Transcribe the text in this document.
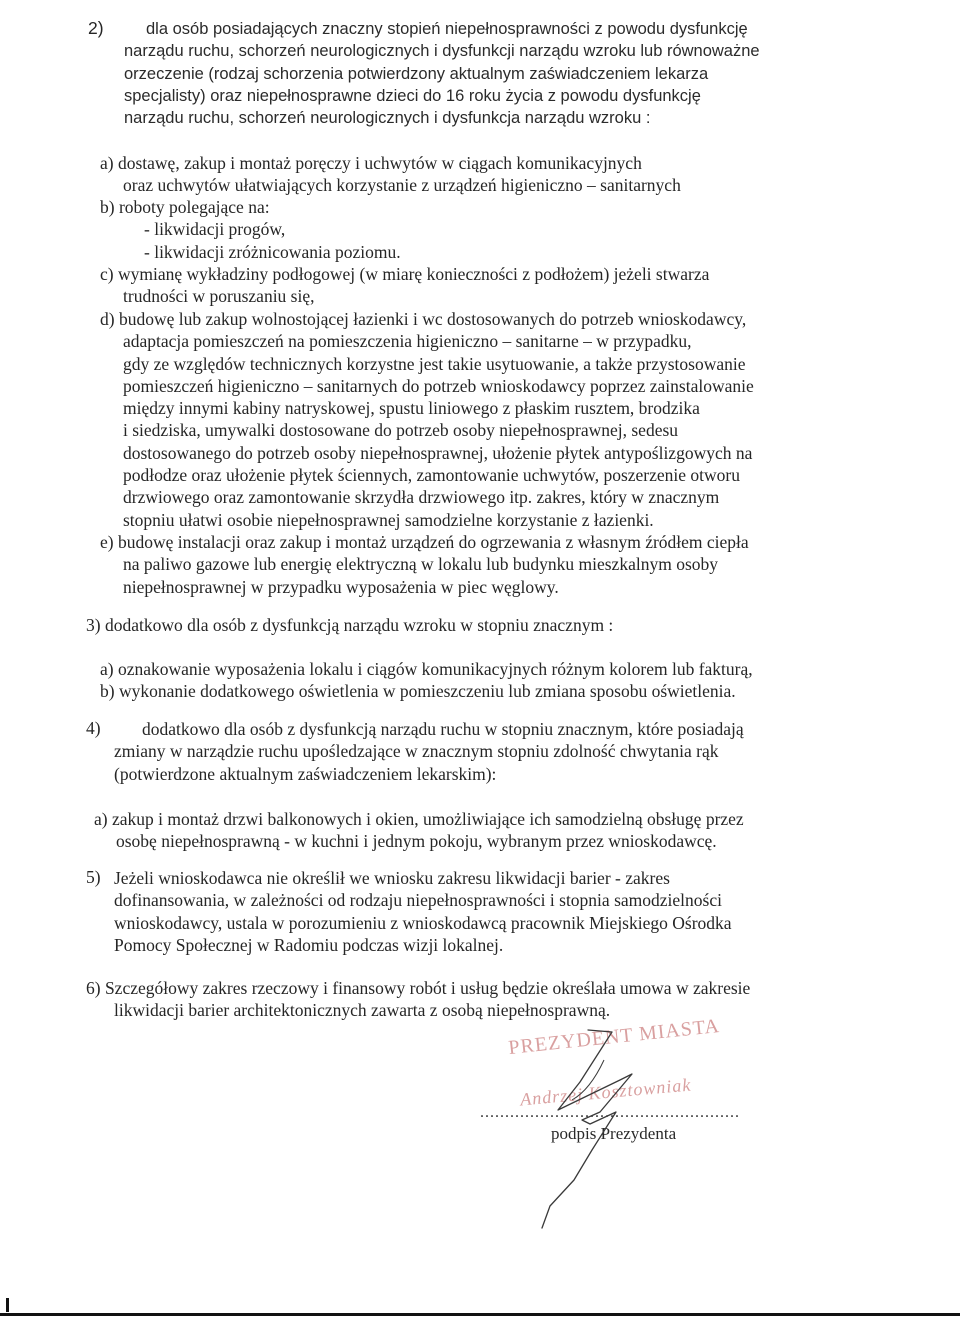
2)	dla osób posiadających znaczny stopień niepełnosprawności z powodu dysfunkcję
narządu ruchu, schorzeń neurologicznych i dysfunkcji narządu wzroku lub równoważne
orzeczenie (rodzaj schorzenia potwierdzony aktualnym zaświadczeniem lekarza
specjalisty) oraz niepełnosprawne dzieci do 16 roku życia z powodu dysfunkcję
narządu ruchu, schorzeń neurologicznych i dysfunkcja narządu wzroku :
a) dostawę, zakup i montaż poręczy i uchwytów w ciągach komunikacyjnych
oraz uchwytów ułatwiających korzystanie z urządzeń higieniczno – sanitarnych
b) roboty polegające na:
- likwidacji progów,
- likwidacji zróżnicowania poziomu.
c) wymianę wykładziny podłogowej (w miarę konieczności z podłożem) jeżeli stwarza
trudności w poruszaniu się,
d) budowę lub zakup wolnostojącej łazienki i wc dostosowanych do potrzeb wnioskodawcy,
adaptacja pomieszczeń na pomieszczenia higieniczno – sanitarne – w przypadku,
gdy ze względów technicznych korzystne jest takie usytuowanie, a także przystosowanie
pomieszczeń higieniczno – sanitarnych do potrzeb wnioskodawcy poprzez zainstalowanie
między innymi kabiny natryskowej, spustu liniowego z płaskim rusztem, brodzika
i siedziska, umywalki dostosowane do potrzeb osoby niepełnosprawnej, sedesu
dostosowanego do potrzeb osoby niepełnosprawnej, ułożenie płytek antypoślizgowych na
podłodze oraz ułożenie płytek ściennych, zamontowanie uchwytów, poszerzenie otworu
drzwiowego oraz zamontowanie skrzydła drzwiowego itp. zakres, który w znacznym
stopniu ułatwi osobie niepełnosprawnej samodzielne korzystanie z łazienki.
e) budowę instalacji oraz zakup i montaż urządzeń do ogrzewania z własnym źródłem ciepła
na paliwo gazowe lub energię elektryczną w lokalu lub budynku mieszkalnym osoby
niepełnosprawnej w przypadku wyposażenia w piec węglowy.
3) dodatkowo dla osób z dysfunkcją narządu wzroku w stopniu znacznym :
a) oznakowanie wyposażenia lokalu i ciągów komunikacyjnych różnym kolorem lub fakturą,
b) wykonanie dodatkowego oświetlenia w pomieszczeniu lub zmiana sposobu oświetlenia.
4)	dodatkowo dla osób z dysfunkcją narządu ruchu w stopniu znacznym, które posiadają
zmiany w narządzie ruchu upośledzające w znacznym stopniu zdolność chwytania rąk
(potwierdzone aktualnym zaświadczeniem lekarskim):
a) zakup i montaż drzwi balkonowych i okien, umożliwiające ich samodzielną obsługę przez
osobę niepełnosprawną - w kuchni i jednym pokoju, wybranym przez wnioskodawcę.
5) Jeżeli wnioskodawca nie określił we wniosku zakresu likwidacji barier - zakres
dofinansowania, w zależności od rodzaju niepełnosprawności i stopnia samodzielności
wnioskodawcy, ustala w porozumieniu z wnioskodawcą pracownik Miejskiego Ośrodka
Pomocy Społecznej w Radomiu podczas wizji lokalnej.
6) Szczegółowy zakres rzeczowy i finansowy robót i usług będzie określała umowa w zakresie
likwidacji barier architektonicznych zawarta z osobą niepełnosprawną.
PREZYDENT MIASTA
Andrzej Kosztowniak
....................................................
podpis Prezydenta
